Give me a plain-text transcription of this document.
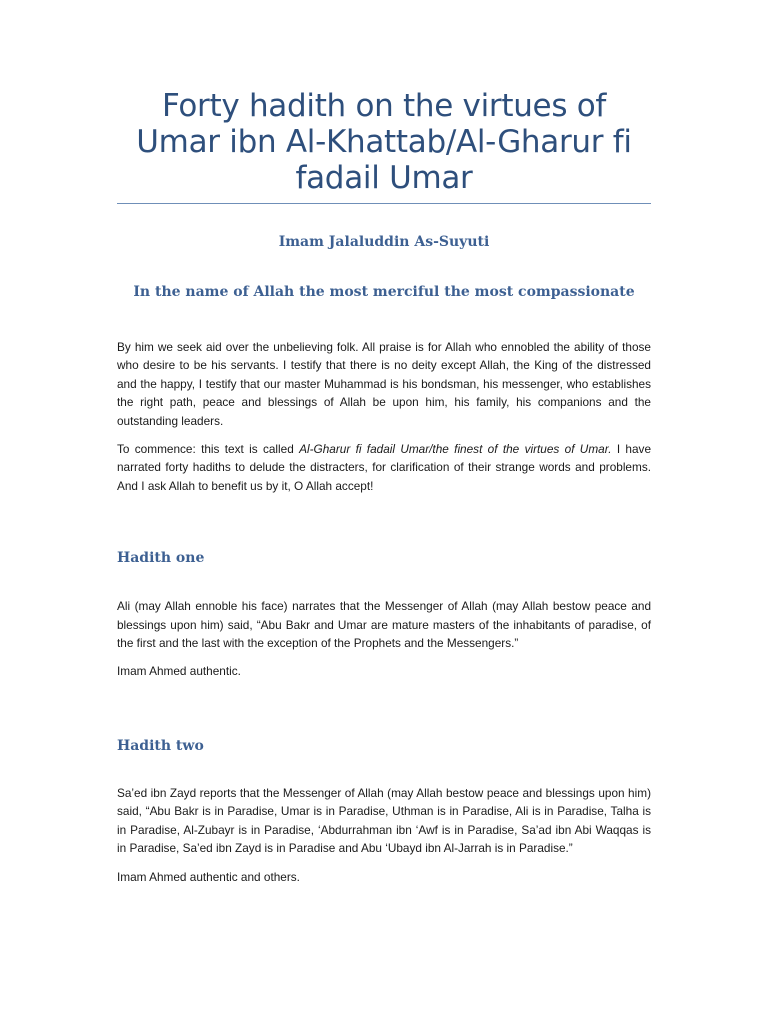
Forty hadith on the virtues of Umar ibn Al-Khattab/Al-Gharur fi fadail Umar

Imam Jalaluddin As-Suyuti

In the name of Allah the most merciful the most compassionate

By him we seek aid over the unbelieving folk. All praise is for Allah who ennobled the ability of those who desire to be his servants. I testify that there is no deity except Allah, the King of the distressed and the happy, I testify that our master Muhammad is his bondsman, his messenger, who establishes the right path, peace and blessings of Allah be upon him, his family, his companions and the outstanding leaders.

To commence: this text is called Al-Gharur fi fadail Umar/the finest of the virtues of Umar. I have narrated forty hadiths to delude the distracters, for clarification of their strange words and problems. And I ask Allah to benefit us by it, O Allah accept!

Hadith one

Ali (may Allah ennoble his face) narrates that the Messenger of Allah (may Allah bestow peace and blessings upon him) said, “Abu Bakr and Umar are mature masters of the inhabitants of paradise, of the first and the last with the exception of the Prophets and the Messengers.”

Imam Ahmed authentic.

Hadith two

Sa’ed ibn Zayd reports that the Messenger of Allah (may Allah bestow peace and blessings upon him) said, “Abu Bakr is in Paradise, Umar is in Paradise, Uthman is in Paradise, Ali is in Paradise, Talha is in Paradise, Al-Zubayr is in Paradise, ‘Abdurrahman ibn ‘Awf is in Paradise, Sa’ad ibn Abi Waqqas is in Paradise, Sa’ed ibn Zayd is in Paradise and Abu ‘Ubayd ibn Al-Jarrah is in Paradise.”

Imam Ahmed authentic and others.
